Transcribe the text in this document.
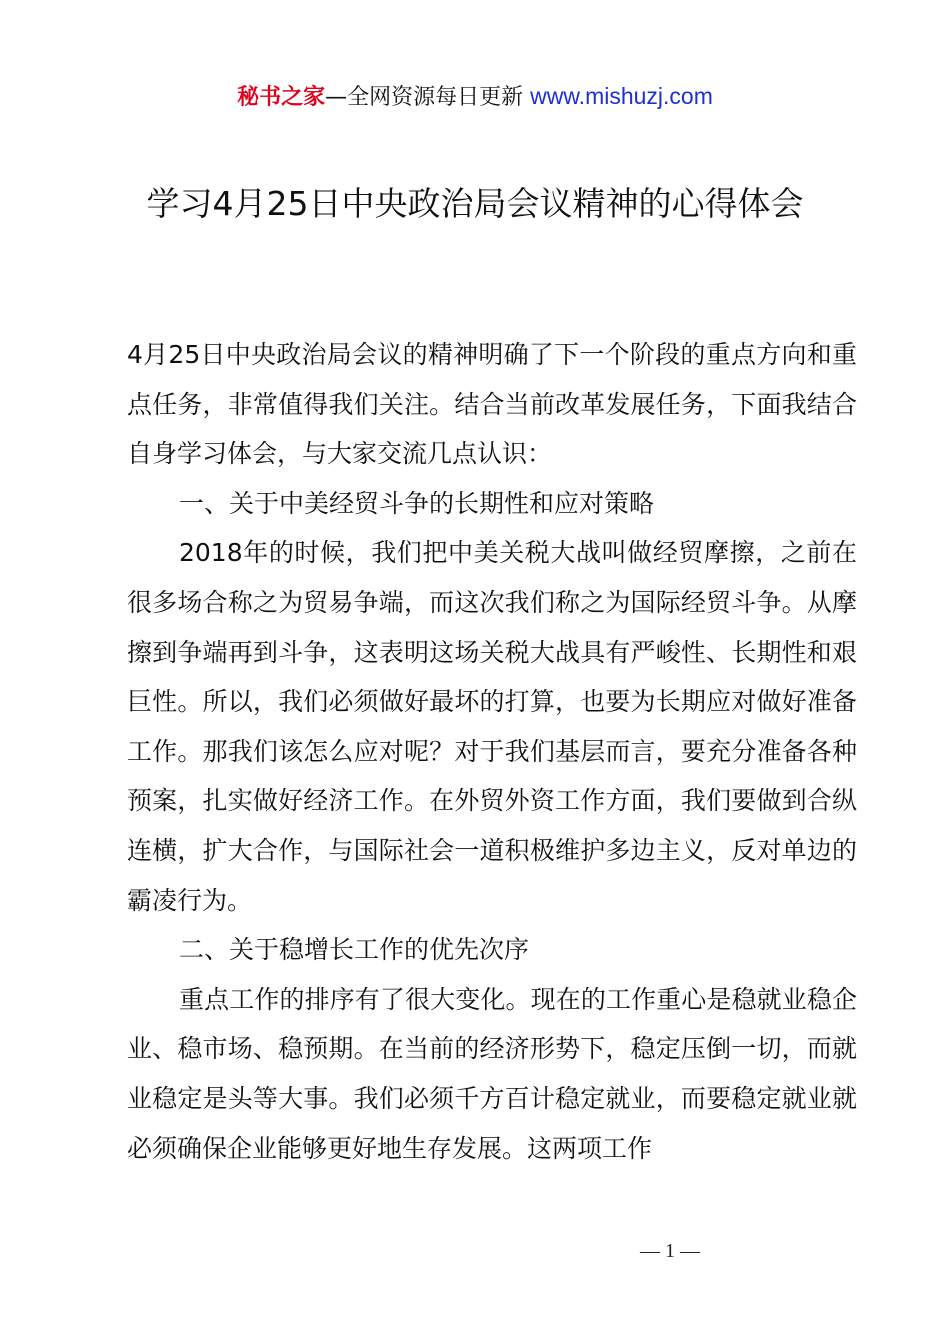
秘书之家—全网资源每日更新 www.mishuzj.com
学习4月25日中央政治局会议精神的心得体会

4月25日中央政治局会议的精神明确了下一个阶段的重点方向和重点任务，非常值得我们关注。结合当前改革发展任务，下面我结合自身学习体会，与大家交流几点认识：

一、关于中美经贸斗争的长期性和应对策略

2018年的时候，我们把中美关税大战叫做经贸摩擦，之前在很多场合称之为贸易争端，而这次我们称之为国际经贸斗争。从摩擦到争端再到斗争，这表明这场关税大战具有严峻性、长期性和艰巨性。所以，我们必须做好最坏的打算，也要为长期应对做好准备工作。那我们该怎么应对呢？对于我们基层而言，要充分准备各种预案，扎实做好经济工作。在外贸外资工作方面，我们要做到合纵连横，扩大合作，与国际社会一道积极维护多边主义，反对单边的霸凌行为。

二、关于稳增长工作的优先次序

重点工作的排序有了很大变化。现在的工作重心是稳就业稳企业、稳市场、稳预期。在当前的经济形势下，稳定压倒一切，而就业稳定是头等大事。我们必须千方百计稳定就业，而要稳定就业就必须确保企业能够更好地生存发展。这两项工作

— 1 —
